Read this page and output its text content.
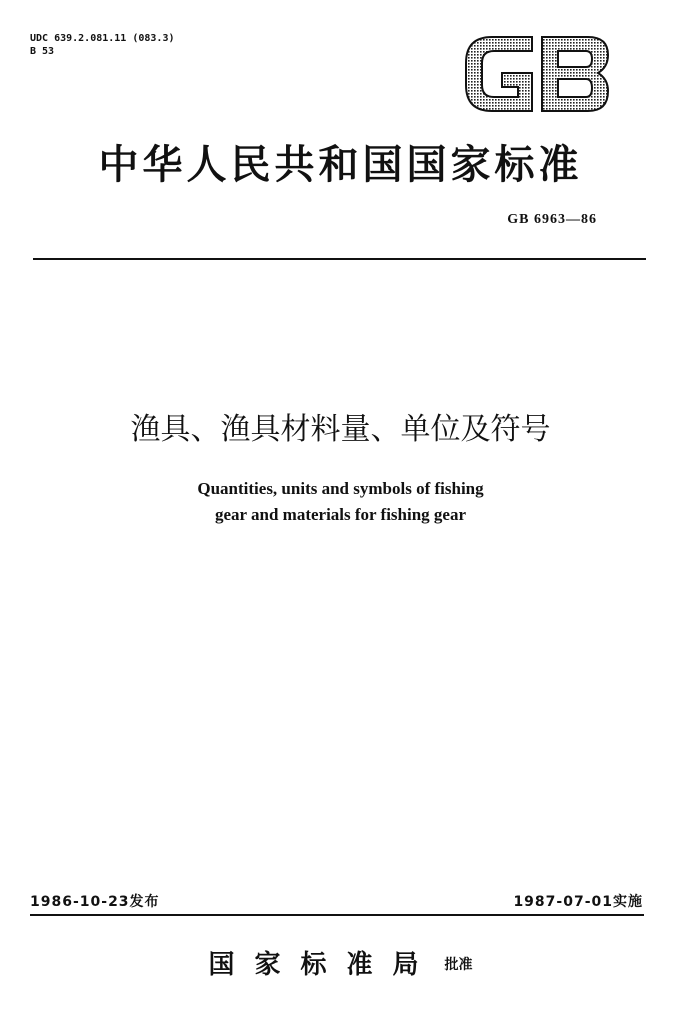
UDC 639.2.081.11 (083.3)
B 53
中华人民共和国国家标准
GB 6963—86
渔具、渔具材料量、单位及符号
Quantities, units and symbols of fishing
gear and materials for fishing gear
1986-10-23发布	1987-07-01实施
国家标准局 批准
